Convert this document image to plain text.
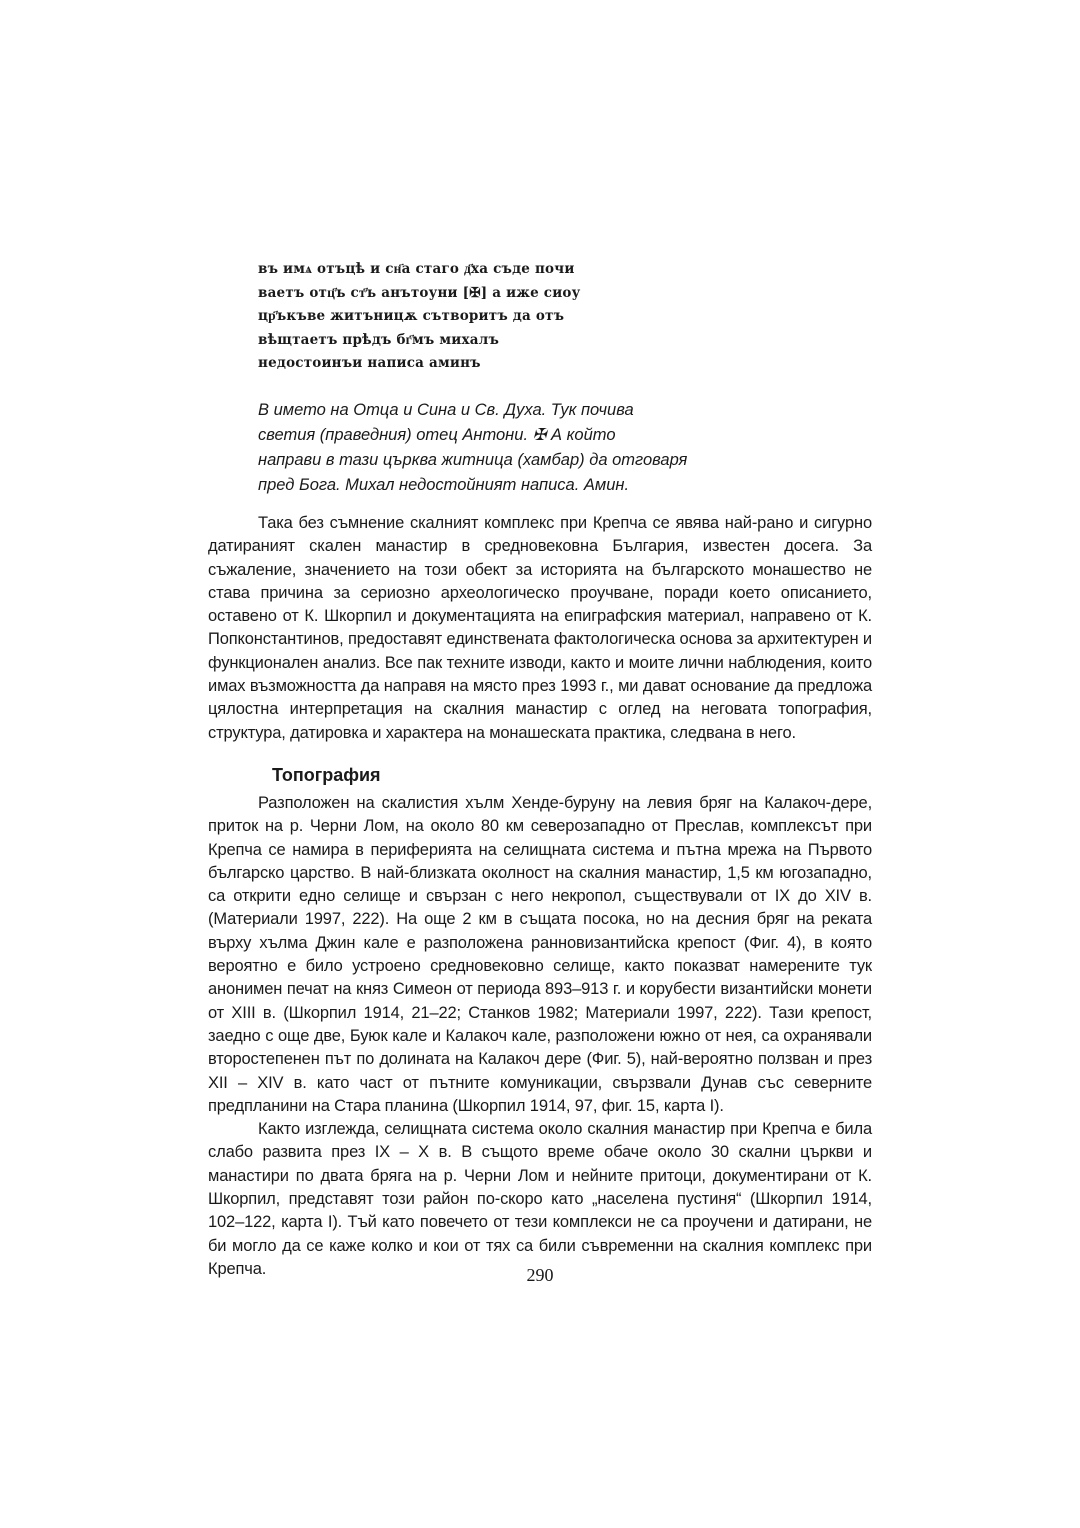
въ имѧ отъцѣ и сн҃а стаго д҃ха съде почи
ваетъ отц҃ъ ст҃ъ анътоуни [✠] а иже сиоу
цр҃ъкъве житъницѫ сътворитъ да отъ
вѣщтаетъ прѣдъ бг҃мъ михалъ
недостоинъи написа аминъ
В името на Отца и Сина и Св. Духа. Тук почива
светия (праведния) отец Антони. ✠ А който
направи в тази църква житница (хамбар) да отговаря
пред Бога. Михал недостойният написа. Амин.

Така без съмнение скалният комплекс при Крепча се явява най-рано и сигурно датираният скален манастир в средновековна България, известен досега. За съжаление, значението на този обект за историята на българското монашество не става причина за сериозно археологическо проучване, поради което описанието, оставено от К. Шкорпил и документацията на епиграфския материал, направено от К. Попконстантинов, предоставят единствената фактологическа основа за архитектурен и функционален анализ. Все пак техните изводи, както и моите лични наблюдения, които имах възможността да направя на място през 1993 г., ми дават основание да предложа цялостна интерпретация на скалния манастир с оглед на неговата топография, структура, датировка и характера на монашеската практика, следвана в него.

Топография

Разположен на скалистия хълм Хенде-буруну на левия бряг на Калакоч-дере, приток на р. Черни Лом, на около 80 км северозападно от Преслав, комплексът при Крепча се намира в периферията на селищната система и пътна мрежа на Първото българско царство. В най-близката околност на скалния манастир, 1,5 км югозападно, са открити едно селище и свързан с него некропол, съществували от IX до XIV в. (Материали 1997, 222). На още 2 км в същата посока, но на десния бряг на реката върху хълма Джин кале е разположена ранновизантийска крепост (Фиг. 4), в която вероятно е било устроено средновековно селище, както показват намерените тук анонимен печат на княз Симеон от периода 893–913 г. и корубести византийски монети от XIII в. (Шкорпил 1914, 21–22; Станков 1982; Материали 1997, 222). Тази крепост, заедно с още две, Буюк кале и Калакоч кале, разположени южно от нея, са охранявали второстепенен път по долината на Калакоч дере (Фиг. 5), най-вероятно ползван и през XII – XIV в. като част от пътните комуникации, свързвали Дунав със северните предпланини на Стара планина (Шкорпил 1914, 97, фиг. 15, карта I).

Както изглежда, селищната система около скалния манастир при Крепча е била слабо развита през IX – X в. В същото време обаче около 30 скални църкви и манастири по двата бряга на р. Черни Лом и нейните притоци, документирани от К. Шкорпил, представят този район по-скоро като „населена пустиня“ (Шкорпил 1914, 102–122, карта I). Тъй като повечето от тези комплекси не са проучени и датирани, не би могло да се каже колко и кои от тях са били съвременни на скалния комплекс при Крепча.	290
